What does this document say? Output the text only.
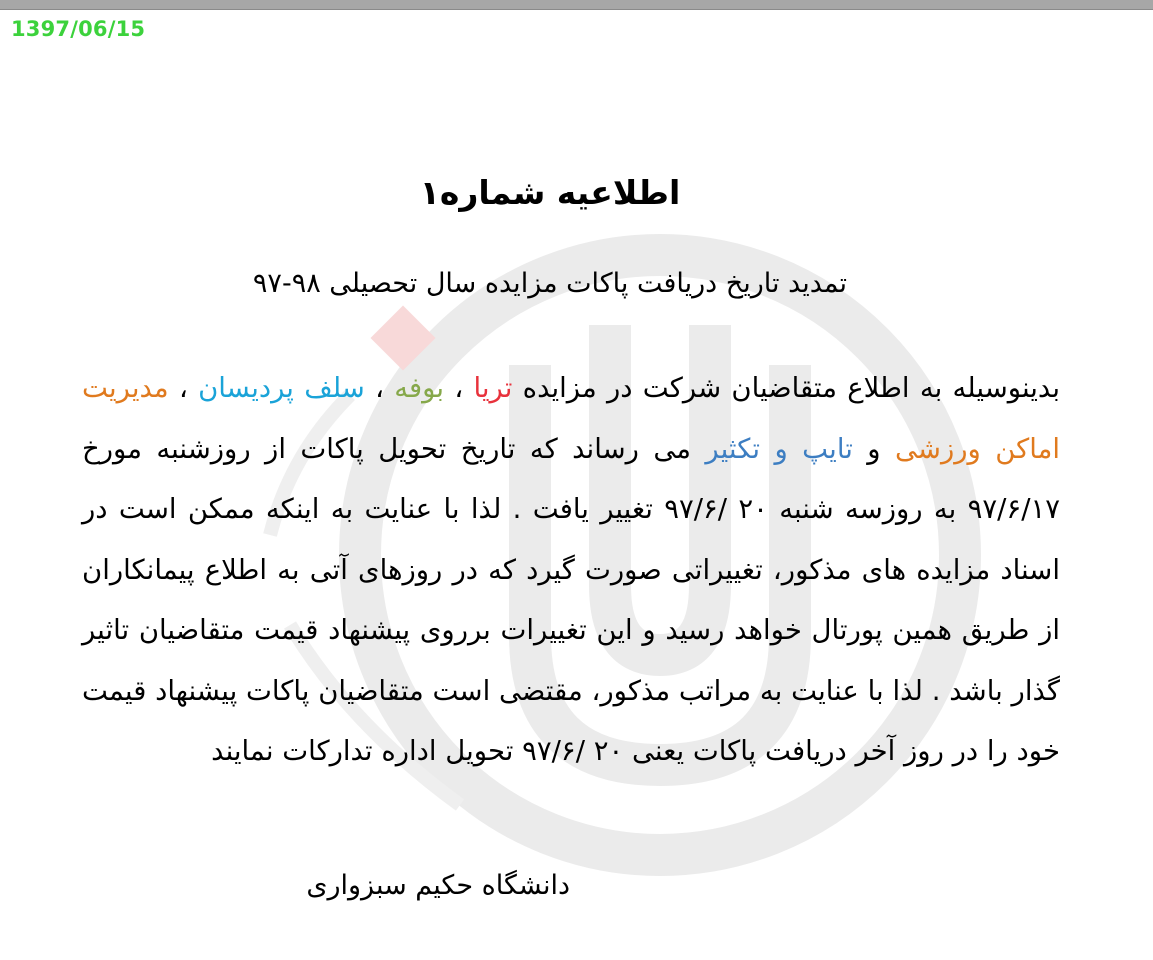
1397/06/15
اطلاعیه شماره۱
تمدید تاریخ دریافت پاکات مزایده سال تحصیلی ۹۸-۹۷
بدینوسیله به اطلاع متقاضیان شرکت در مزایده تریا ، بوفه ، سلف پردیسان ، مدیریت اماکن ورزشی و تایپ و تکثیر می رساند که تاریخ تحویل پاکات از روزشنبه مورخ ۹۷/۶/۱۷ به روزسه شنبه ۲۰ /۹۷/۶ تغییر یافت . لذا با عنایت به اینکه ممکن است در اسناد مزایده های مذکور، تغییراتی صورت گیرد که در روزهای آتی به اطلاع پیمانکاران از طریق همین پورتال خواهد رسید و این تغییرات برروی پیشنهاد قیمت متقاضیان تاثیر گذار باشد . لذا با عنایت به مراتب مذکور، مقتضی است متقاضیان پاکات پیشنهاد قیمت خود را در روز آخر دریافت پاکات یعنی ۲۰ /۹۷/۶ تحویل اداره تدارکات نمایند
دانشگاه حکیم سبزواری
